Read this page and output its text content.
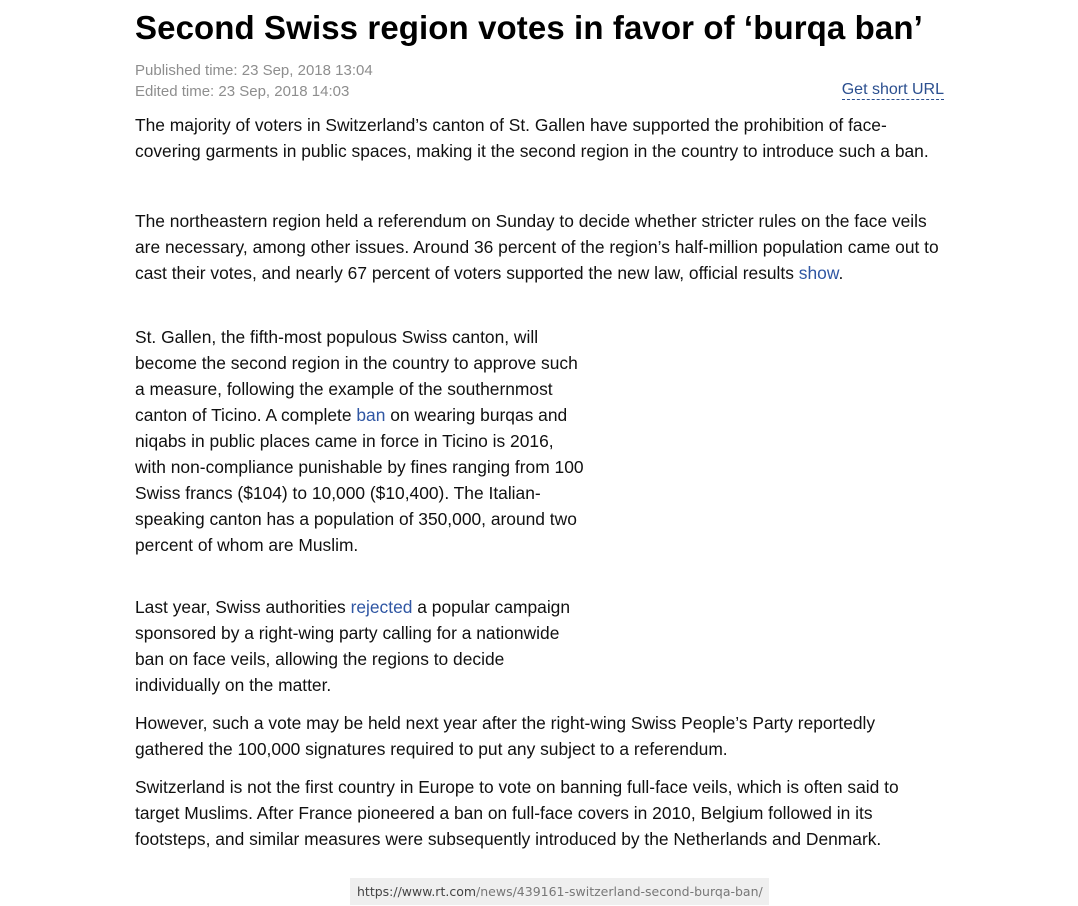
Second Swiss region votes in favor of ‘burqa ban’
Published time: 23 Sep, 2018 13:04
Edited time: 23 Sep, 2018 14:03	Get short URL

The majority of voters in Switzerland’s canton of St. Gallen have supported the prohibition of face-covering garments in public spaces, making it the second region in the country to introduce such a ban.

The northeastern region held a referendum on Sunday to decide whether stricter rules on the face veils are necessary, among other issues. Around 36 percent of the region’s half-million population came out to cast their votes, and nearly 67 percent of voters supported the new law, official results show.

St. Gallen, the fifth-most populous Swiss canton, will become the second region in the country to approve such a measure, following the example of the southernmost canton of Ticino. A complete ban on wearing burqas and niqabs in public places came in force in Ticino is 2016, with non-compliance punishable by fines ranging from 100 Swiss francs ($104) to 10,000 ($10,400). The Italian-speaking canton has a population of 350,000, around two percent of whom are Muslim.

Last year, Swiss authorities rejected a popular campaign sponsored by a right-wing party calling for a nationwide ban on face veils, allowing the regions to decide individually on the matter.

However, such a vote may be held next year after the right-wing Swiss People’s Party reportedly gathered the 100,000 signatures required to put any subject to a referendum.

Switzerland is not the first country in Europe to vote on banning full-face veils, which is often said to target Muslims. After France pioneered a ban on full-face covers in 2010, Belgium followed in its footsteps, and similar measures were subsequently introduced by the Netherlands and Denmark.

https://www.rt.com/news/439161-switzerland-second-burqa-ban/
